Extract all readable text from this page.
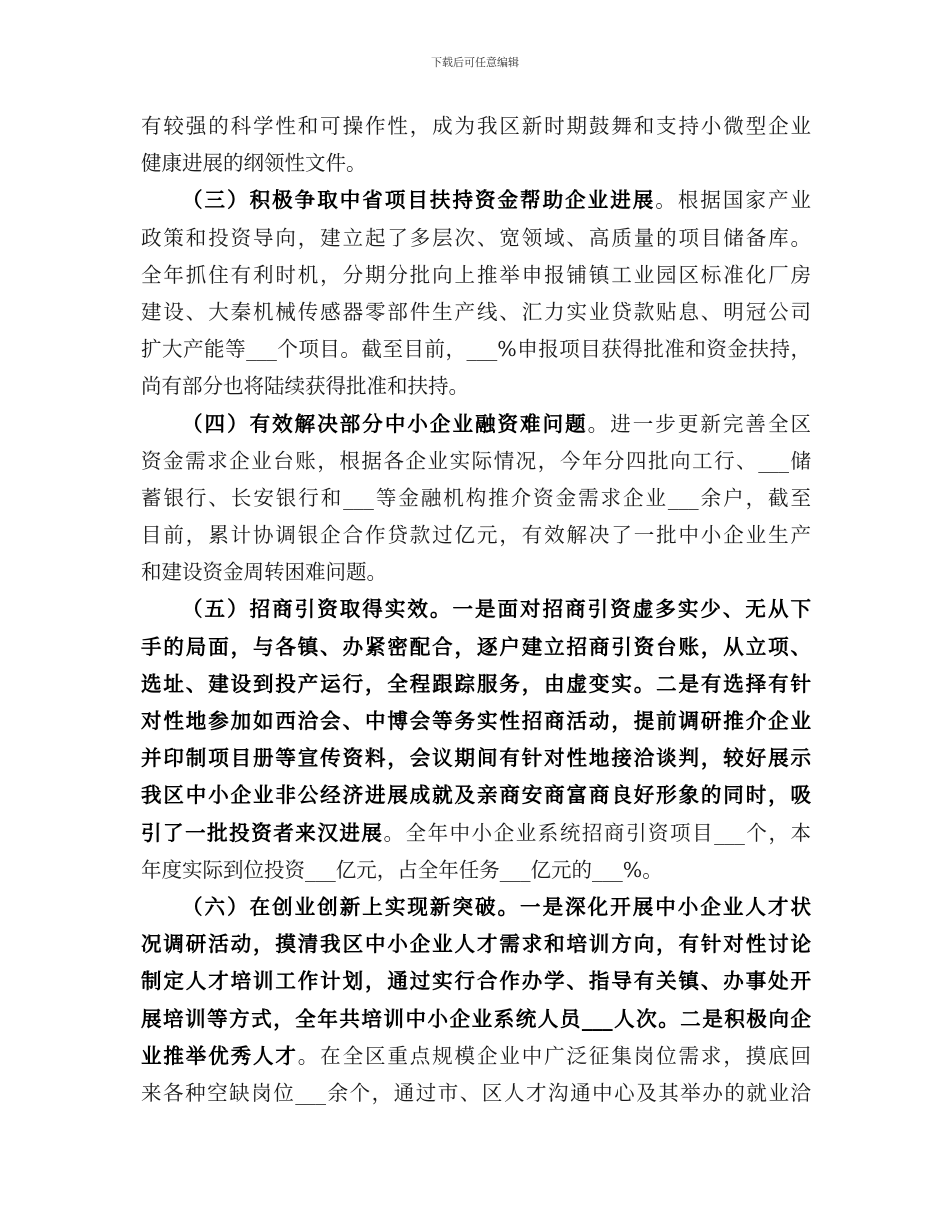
下载后可任意编辑
有较强的科学性和可操作性，成为我区新时期鼓舞和支持小微型企业
健康进展的纲领性文件。
（三）积极争取中省项目扶持资金帮助企业进展。根据国家产业
政策和投资导向，建立起了多层次、宽领域、高质量的项目储备库。
全年抓住有利时机，分期分批向上推举申报铺镇工业园区标准化厂房
建设、大秦机械传感器零部件生产线、汇力实业贷款贴息、明冠公司
扩大产能等___个项目。截至目前，___%申报项目获得批准和资金扶持，
尚有部分也将陆续获得批准和扶持。
（四）有效解决部分中小企业融资难问题。进一步更新完善全区
资金需求企业台账，根据各企业实际情况，今年分四批向工行、___储
蓄银行、长安银行和___等金融机构推介资金需求企业___余户，截至
目前，累计协调银企合作贷款过亿元，有效解决了一批中小企业生产
和建设资金周转困难问题。
（五）招商引资取得实效。一是面对招商引资虚多实少、无从下
手的局面，与各镇、办紧密配合，逐户建立招商引资台账，从立项、
选址、建设到投产运行，全程跟踪服务，由虚变实。二是有选择有针
对性地参加如西洽会、中博会等务实性招商活动，提前调研推介企业
并印制项目册等宣传资料，会议期间有针对性地接洽谈判，较好展示
我区中小企业非公经济进展成就及亲商安商富商良好形象的同时，吸
引了一批投资者来汉进展。全年中小企业系统招商引资项目___个，本
年度实际到位投资___亿元，占全年任务___亿元的___%。
（六）在创业创新上实现新突破。一是深化开展中小企业人才状
况调研活动，摸清我区中小企业人才需求和培训方向，有针对性讨论
制定人才培训工作计划，通过实行合作办学、指导有关镇、办事处开
展培训等方式，全年共培训中小企业系统人员___人次。二是积极向企
业推举优秀人才。在全区重点规模企业中广泛征集岗位需求，摸底回
来各种空缺岗位___余个，通过市、区人才沟通中心及其举办的就业洽
